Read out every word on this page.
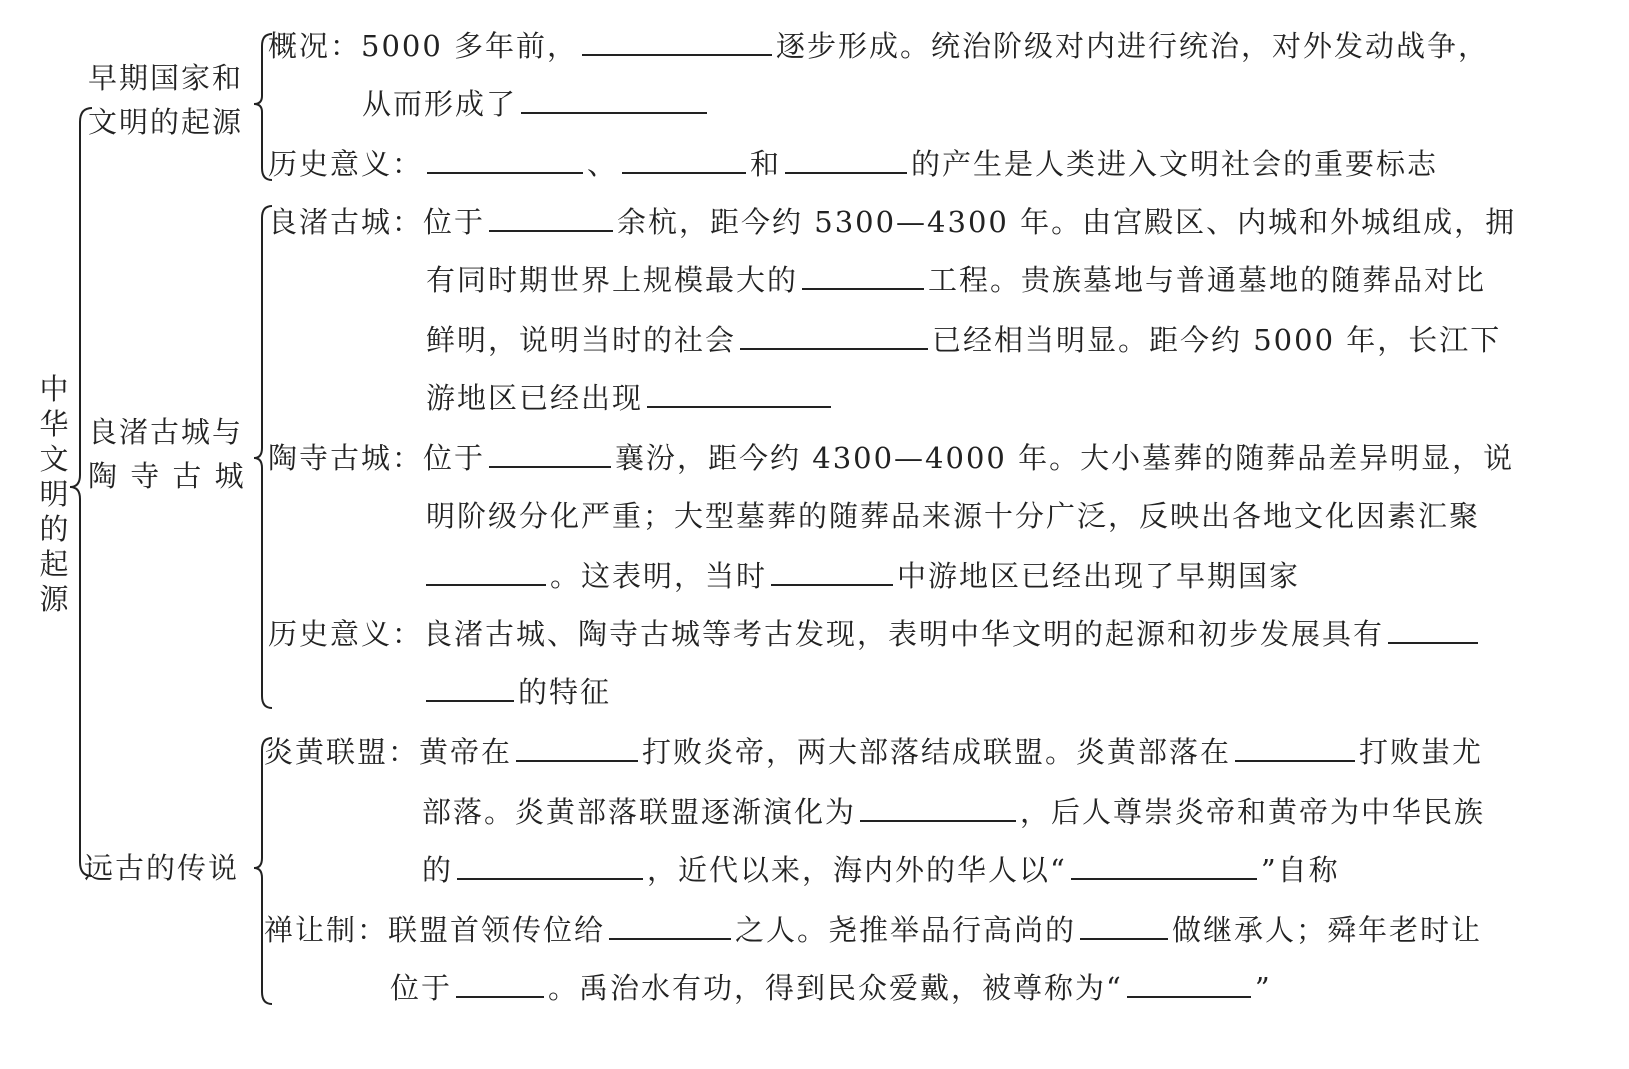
中
华
文
明
的
起
源
早期国家和
文明的起源
良渚古城与
陶 寺 古 城
远古的传说
概况：5000 多年前，	逐步形成。统治阶级对内进行统治，对外发动战争，
从而形成了
历史意义：	、	和	的产生是人类进入文明社会的重要标志
良渚古城：位于	余杭，距今约 5300—4300 年。由宫殿区、内城和外城组成，拥
有同时期世界上规模最大的	工程。贵族墓地与普通墓地的随葬品对比
鲜明，说明当时的社会	已经相当明显。距今约 5000 年，长江下
游地区已经出现
陶寺古城：位于	襄汾，距今约 4300—4000 年。大小墓葬的随葬品差异明显，说
明阶级分化严重；大型墓葬的随葬品来源十分广泛，反映出各地文化因素汇聚
。这表明，当时	中游地区已经出现了早期国家
历史意义：良渚古城、陶寺古城等考古发现，表明中华文明的起源和初步发展具有
的特征
炎黄联盟：黄帝在	打败炎帝，两大部落结成联盟。炎黄部落在	打败蚩尤
部落。炎黄部落联盟逐渐演化为	，后人尊崇炎帝和黄帝为中华民族
的	，近代以来，海内外的华人以“	”自称
禅让制：联盟首领传位给	之人。尧推举品行高尚的	做继承人；舜年老时让
位于	。禹治水有功，得到民众爱戴，被尊称为“	”
